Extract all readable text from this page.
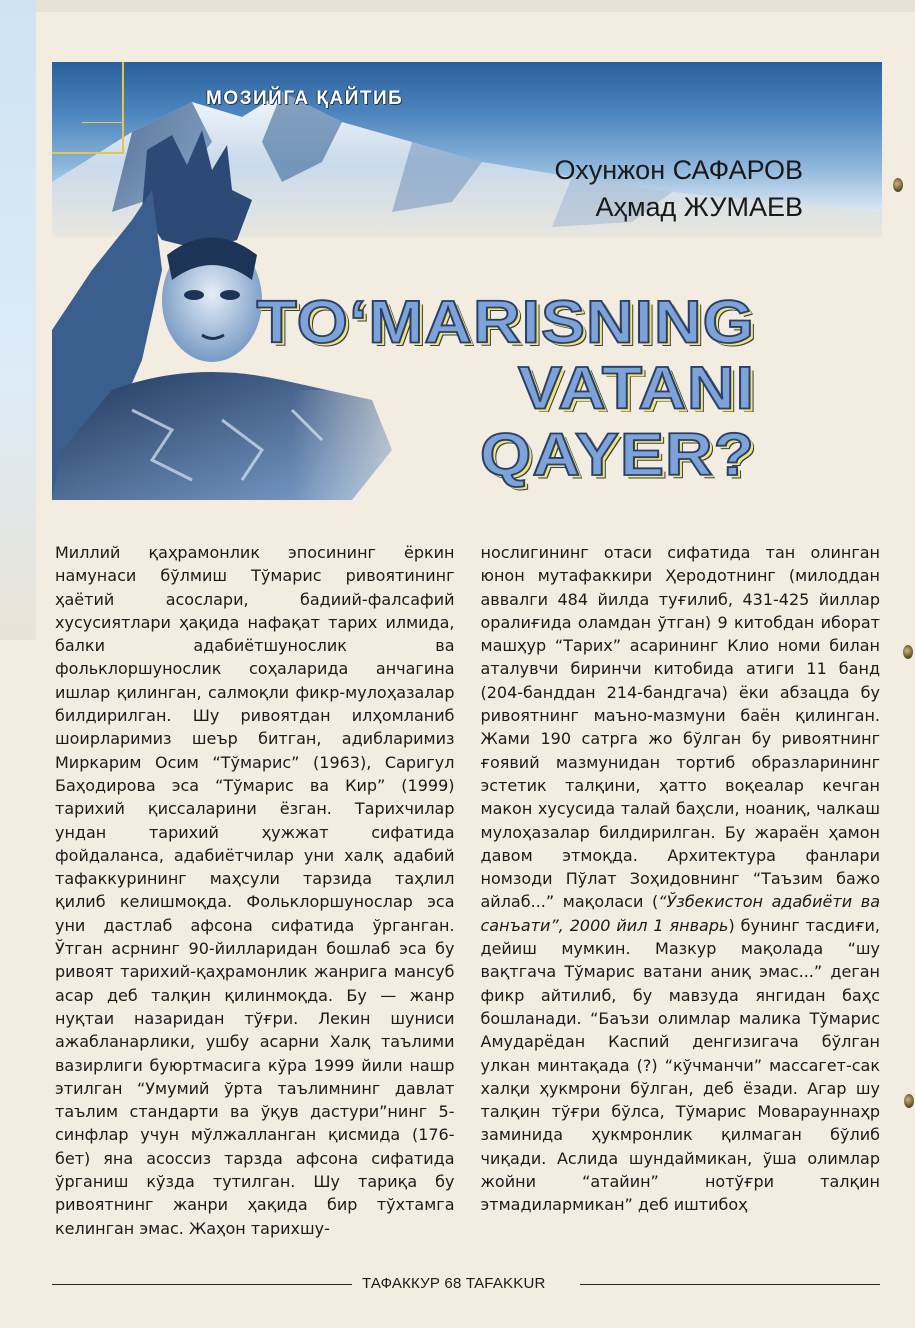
МОЗИЙГА ҚАЙТИБ
Охунжон САФАРОВ
Аҳмад ЖУМАЕВ
TO‘MARISNING
VATANI
QAYER?

Миллий қаҳрамонлик эпосининг ёркин намунаси бўлмиш Тўмарис ривоятининг ҳаётий асослари, бадиий-фалсафий хусусиятлари ҳақида нафақат тарих илмида, балки адабиётшунослик ва фольклоршунослик соҳаларида анчагина ишлар қилинган, салмоқли фикр-мулоҳазалар билдирилган. Шу ривоятдан илҳомланиб шоирларимиз шеър битган, адибларимиз Миркарим Осим “Тўмарис” (1963), Саригул Баҳодирова эса “Тўмарис ва Кир” (1999) тарихий қиссаларини ёзган. Тарихчилар ундан тарихий ҳужжат сифатида фойдаланса, адабиётчилар уни халқ адабий тафаккурининг маҳсули тарзида таҳлил қилиб келишмоқда. Фольклоршунослар эса уни дастлаб афсона сифатида ўрганган. Ўтган асрнинг 90-йилларидан бошлаб эса бу ривоят тарихий-қаҳрамонлик жанрига мансуб асар деб талқин қилинмоқда. Бу — жанр нуқтаи назаридан тўғри. Лекин шуниси ажабланарлики, ушбу асарни Халқ таълими вазирлиги буюртмасига кўра 1999 йили нашр этилган “Умумий ўрта таълимнинг давлат таълим стандарти ва ўқув дастури”нинг 5-синфлар учун мўлжалланган қисмида (176-бет) яна асоссиз тарзда афсона сифатида ўрганиш кўзда тутилган. Шу тариқа бу ривоятнинг жанри ҳақида бир тўхтамга келинган эмас. Жаҳон тарихшу-

нослигининг отаси сифатида тан олинган юнон мутафаккири Ҳеродотнинг (милоддан аввалги 484 йилда туғилиб, 431-425 йиллар оралиғида оламдан ўтган) 9 китобдан иборат машҳур “Тарих” асарининг Клио номи билан аталувчи биринчи китобида атиги 11 банд (204-банддан 214-бандгача) ёки абзацда бу ривоятнинг маъно-мазмуни баён қилинган. Жами 190 сатрга жо бўлган бу ривоятнинг ғоявий мазмунидан тортиб образларининг эстетик талқини, ҳатто воқеалар кечган макон хусусида талай баҳсли, ноаниқ, чалкаш мулоҳазалар билдирилган. Бу жараён ҳамон давом этмоқда. Архитектура фанлари номзоди Пўлат Зоҳидовнинг “Таъзим бажо айлаб...” мақоласи (“Ўзбекистон адабиёти ва санъати”, 2000 йил 1 январь) бунинг тасдиғи, дейиш мумкин. Мазкур мақолада “шу вақтгача Тўмарис ватани аниқ эмас...” деган фикр айтилиб, бу мавзуда янгидан баҳс бошланади. “Баъзи олимлар малика Тўмарис Амударёдан Каспий денгизигача бўлган улкан минтақада (?) “кўчманчи” массагет-сак халқи ҳукмрони бўлган, деб ёзади. Агар шу талқин тўғри бўлса, Тўмарис Моварауннаҳр заминида ҳукмронлик қилмаган бўлиб чиқади. Аслида шундаймикан, ўша олимлар жойни “атайин” нотўғри талқин этмадилармикан” деб иштибоҳ

ТАФАККУР 68 TAFAKKUR
